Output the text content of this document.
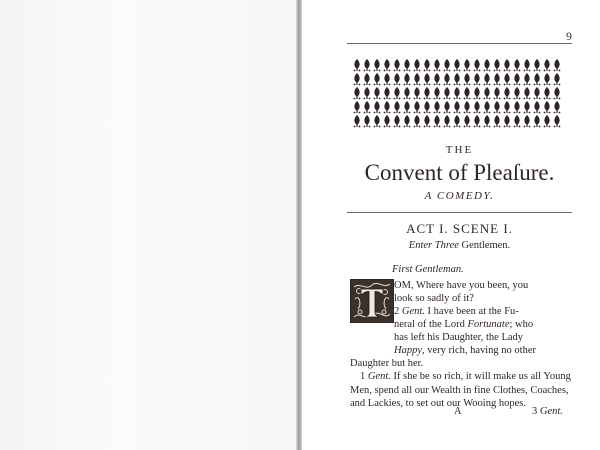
9
THE
Convent of Pleaſure.
A COMEDY.
ACT I. SCENE I.
Enter Three Gentlemen.
First Gentleman.
OM, Where have you been, you
look so sadly of it?
2 Gent. I have been at the Fu-
neral of the Lord Fortunate; who
has left his Daughter, the Lady
Happy, very rich, having no other
Daughter but her.
1 Gent. If she be so rich, it will make us all Young
Men, spend all our Wealth in fine Clothes, Coaches,
and Lackies, to set out our Wooing hopes.
A	3 Gent.
